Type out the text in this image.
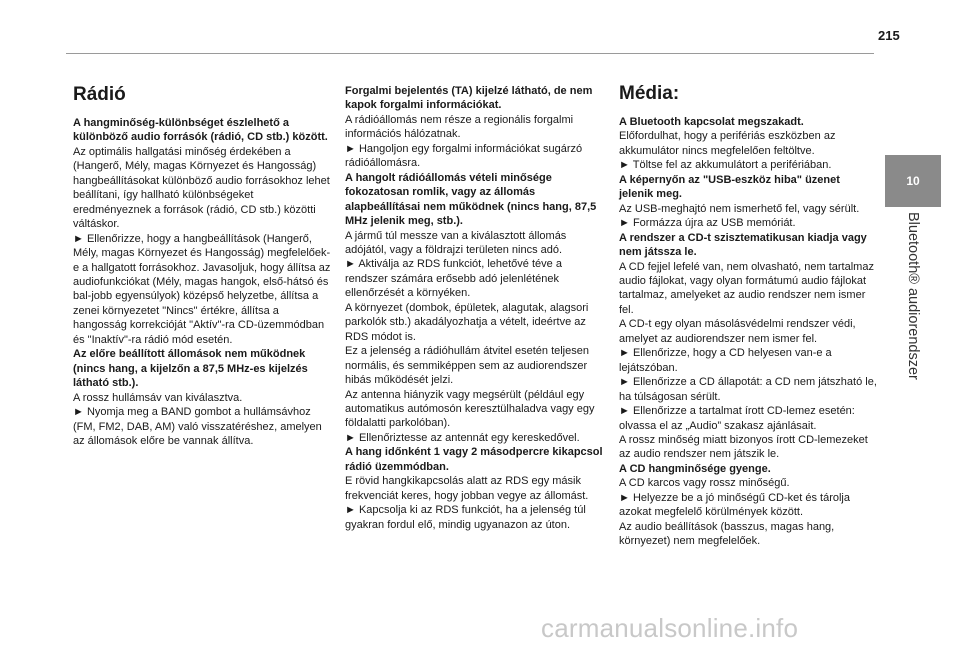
215
10
Bluetooth® audiorendszer
Rádió

A hangminőség-különbséget észlelhető a különböző audio forrásók (rádió, CD stb.) között.

Az optimális hallgatási minőség érdekében a (Hangerő, Mély, magas Környezet és Hangosság) hangbeállításokat különböző audio forrásokhoz lehet beállítani, így hallható különbségeket eredményeznek a források (rádió, CD stb.) közötti váltáskor.

► Ellenőrizze, hogy a hangbeállítások (Hangerő, Mély, magas Környezet és Hangosság) megfelelőek-e a hallgatott forrásokhoz. Javasoljuk, hogy állítsa az audiofunkciókat (Mély, magas hangok, első-hátsó és bal-jobb egyensúlyok) középső helyzetbe, állítsa a zenei környezetet "Nincs" értékre, állítsa a hangosság korrekcióját "Aktív"-ra CD-üzemmódban és "Inaktív"-ra rádió mód esetén.

Az előre beállított állomások nem működnek (nincs hang, a kijelzőn a 87,5 MHz-es kijelzés látható stb.).

A rossz hullámsáv van kiválasztva.

► Nyomja meg a BAND gombot a hullámsávhoz (FM, FM2, DAB, AM) való visszatéréshez, amelyen az állomások előre be vannak állítva.

Forgalmi bejelentés (TA) kijelzé látható, de nem kapok forgalmi információkat.

A rádióállomás nem része a regionális forgalmi információs hálózatnak.

► Hangoljon egy forgalmi információkat sugárzó rádióállomásra.

A hangolt rádióállomás vételi minősége fokozatosan romlik, vagy az állomás alapbeállításai nem működnek (nincs hang, 87,5 MHz jelenik meg, stb.).

A jármű túl messze van a kiválasztott állomás adójától, vagy a földrajzi területen nincs adó.

► Aktiválja az RDS funkciót, lehetővé téve a rendszer számára erősebb adó jelenlétének ellenőrzését a környéken.

A környezet (dombok, épületek, alagutak, alagsori parkolók stb.) akadályozhatja a vételt, ideértve az RDS módot is.

Ez a jelenség a rádióhullám átvitel esetén teljesen normális, és semmiképpen sem az audiorendszer hibás működését jelzi.

Az antenna hiányzik vagy megsérült (például egy automatikus autómosón keresztülhaladva vagy egy földalatti parkolóban).

► Ellenőriztesse az antennát egy kereskedővel.

A hang időnként 1 vagy 2 másodpercre kikapcsol rádió üzemmódban.

E rövid hangkikapcsolás alatt az RDS egy másik frekvenciát keres, hogy jobban vegye az állomást.

► Kapcsolja ki az RDS funkciót, ha a jelenség túl gyakran fordul elő, mindig ugyanazon az úton.

Média:

A Bluetooth kapcsolat megszakadt.

Előfordulhat, hogy a perifériás eszközben az akkumulátor nincs megfelelően feltöltve.

► Töltse fel az akkumulátort a perifériában.

A képernyőn az "USB-eszköz hiba" üzenet jelenik meg.

Az USB-meghajtó nem ismerhető fel, vagy sérült.

► Formázza újra az USB memóriát.

A rendszer a CD-t szisztematikusan kiadja vagy nem játssza le.

A CD fejjel lefelé van, nem olvasható, nem tartalmaz audio fájlokat, vagy olyan formátumú audio fájlokat tartalmaz, amelyeket az audio rendszer nem ismer fel.

A CD-t egy olyan másolásvédelmi rendszer védi, amelyet az audiorendszer nem ismer fel.

► Ellenőrizze, hogy a CD helyesen van-e a lejátszóban.

► Ellenőrizze a CD állapotát: a CD nem játszható le, ha túlságosan sérült.

► Ellenőrizze a tartalmat írott CD-lemez esetén: olvassa el az „Audio” szakasz ajánlásait.

A rossz minőség miatt bizonyos írott CD-lemezeket az audio rendszer nem játszik le.

A CD hangminősége gyenge.

A CD karcos vagy rossz minőségű.

► Helyezze be a jó minőségű CD-ket és tárolja azokat megfelelő körülmények között.

Az audio beállítások (basszus, magas hang, környezet) nem megfelelőek.

carmanualsonline.info
